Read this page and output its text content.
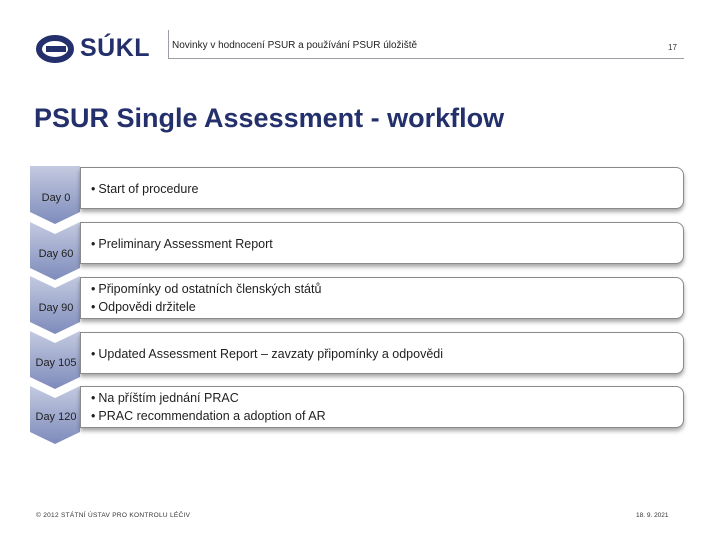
SÚKL Novinky v hodnocení PSUR a používání PSUR úložiště	17
PSUR Single Assessment - workflow
Day 0
• Start of procedure
Day 60
• Preliminary Assessment Report
Day 90
• Připomínky od ostatních členských států
• Odpovědi držitele
Day 105
• Updated Assessment Report – zavzaty připomínky a odpovědi
Day 120
• Na příštím jednání PRAC
• PRAC recommendation a adoption of AR
© 2012 STÁTNÍ ÚSTAV PRO KONTROLU LÉČIV	18. 9. 2021
